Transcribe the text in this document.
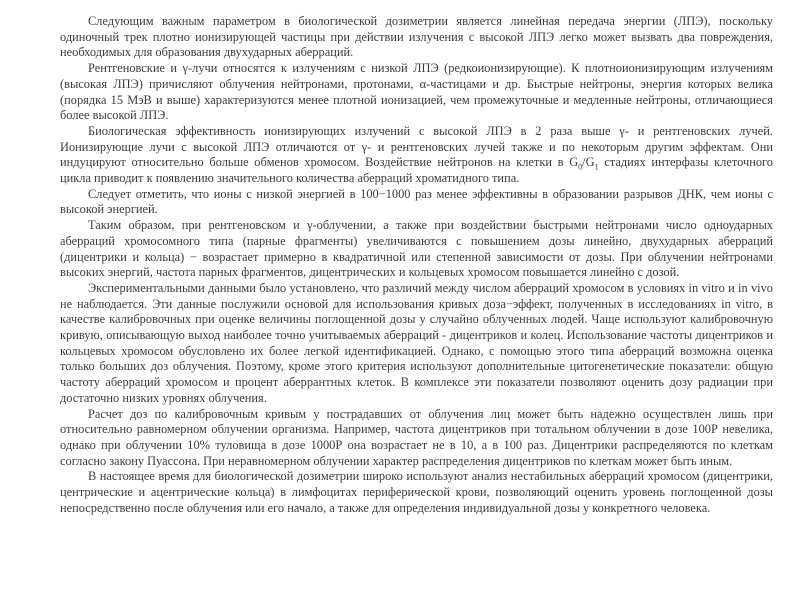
Следующим важным параметром в биологической дозиметрии является линейная передача энергии (ЛПЭ), поскольку одиночный трек плотно ионизирующей частицы при действии излучения с высокой ЛПЭ легко может вызвать два повреждения, необходимых для образования двухударных аберраций.

Рентгеновские и γ-лучи относятся к излучениям с низкой ЛПЭ (редкоионизирующие). К плотноионизирующим излучениям (высокая ЛПЭ) причисляют облучения нейтронами, протонами, α-частицами и др. Быстрые нейтроны, энергия которых велика (порядка 15 МэВ и выше) характеризуются менее плотной ионизацией, чем промежуточные и медленные нейтроны, отличающиеся более высокой ЛПЭ.

Биологическая эффективность ионизирующих излучений с высокой ЛПЭ в 2 раза выше γ- и рентгеновских лучей. Ионизирующие лучи с высокой ЛПЭ отличаются от γ- и рентгеновских лучей также и по некоторым другим эффектам. Они индуцируют относительно больше обменов хромосом. Воздействие нейтронов на клетки в $G_0/G_1$ стадиях интерфазы клеточного цикла приводит к появлению значительного количества аберраций хроматидного типа.

Следует отметить, что ионы с низкой энергией в 100−1000 раз менее эффективны в образовании разрывов ДНК, чем ионы с высокой энергией.

Таким образом, при рентгеновском и γ-облучении, а также при воздействии быстрыми нейтронами число одноударных аберраций хромосомного типа (парные фрагменты) увеличиваются с повышением дозы линейно, двухударных аберраций (дицентрики и кольца) − возрастает примерно в квадратичной или степенной зависимости от дозы. При облучении нейтронами высоких энергий, частота парных фрагментов, дицентрических и кольцевых хромосом повышается линейно с дозой.

Экспериментальными данными было установлено, что различий между числом аберраций хромосом в условиях in vitro и in vivo не наблюдается. Эти данные послужили основой для использования кривых доза−эффект, полученных в исследованиях in vitro, в качестве калибровочных при оценке величины поглощенной дозы у случайно облученных людей. Чаще используют калибровочную кривую, описывающую выход наиболее точно учитываемых аберраций - дицентриков и колец. Использование частоты дицентриков и кольцевых хромосом обусловлено их более легкой идентификацией. Однако, с помощью этого типа аберраций возможна оценка только больших доз облучения. Поэтому, кроме этого критерия используют дополнительные цитогенетические показатели: общую частоту аберраций хромосом и процент аберрантных клеток. В комплексе эти показатели позволяют оценить дозу радиации при достаточно низких уровнях облучения.

Расчет доз по калибровочным кривым у пострадавших от облучения лиц может быть надежно осуществлен лишь при относительно равномерном облучении организма. Например, частота дицентриков при тотальном облучении в дозе 100Р невелика, однако при облучении 10% туловища в дозе 1000Р она возрастает не в 10, а в 100 раз. Дицентрики распределяются по клеткам согласно закону Пуассона. При неравномерном облучении характер распределения дицентриков по клеткам может быть иным.

В настоящее время для биологической дозиметрии широко используют анализ нестабильных аберраций хромосом (дицентрики, центрические и ацентрические кольца) в лимфоцитах периферической крови, позволяющий оценить уровень поглощенной дозы непосредственно после облучения или его начало, а также для определения индивидуальной дозы у конкретного человека.
